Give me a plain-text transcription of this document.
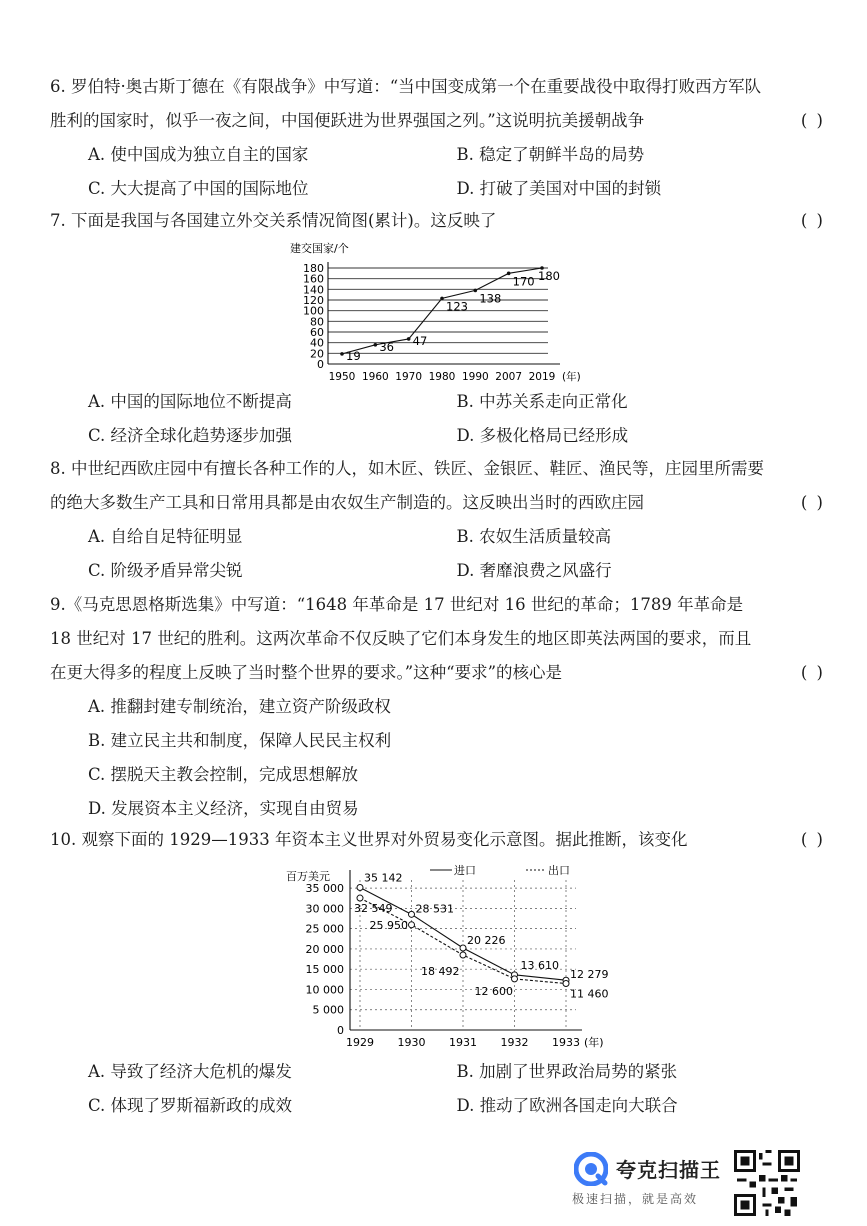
6. 罗伯特·奥古斯丁德在《有限战争》中写道：“当中国变成第一个在重要战役中取得打败西方军队胜利的国家时，似乎一夜之间，中国便跃进为世界强国之列。”这说明抗美援朝战争	( )
A. 使中国成为独立自主的国家	B. 稳定了朝鲜半岛的局势
C. 大大提高了中国的国际地位	D. 打破了美国对中国的封锁
7. 下面是我国与各国建立外交关系情况简图(累计)。这反映了	( )
建交国家/个
0
20
40
60
80
100
120
140
160
180
1950 1960 1970 1980 1990 2007 2019 (年)
19
36 47
123
138
170 180
A. 中国的国际地位不断提高	B. 中苏关系走向正常化
C. 经济全球化趋势逐步加强	D. 多极化格局已经形成
8. 中世纪西欧庄园中有擅长各种工作的人，如木匠、铁匠、金银匠、鞋匠、渔民等，庄园里所需要的绝大多数生产工具和日常用具都是由农奴生产制造的。这反映出当时的西欧庄园	( )
A. 自给自足特征明显	B. 农奴生活质量较高
C. 阶级矛盾异常尖锐	D. 奢靡浪费之风盛行
9.《马克思恩格斯选集》中写道：“1648 年革命是 17 世纪对 16 世纪的革命；1789 年革命是 18 世纪对 17 世纪的胜利。这两次革命不仅反映了它们本身发生的地区即英法两国的要求，而且在更大得多的程度上反映了当时整个世界的要求。”这种“要求”的核心是	( )
A. 推翻封建专制统治，建立资产阶级政权
B. 建立民主共和制度，保障人民民主权利
C. 摆脱天主教会控制，完成思想解放
D. 发展资本主义经济，实现自由贸易
10. 观察下面的 1929—1933 年资本主义世界对外贸易变化示意图。据此推断，该变化	( )
百万美元	进口	出口
0
5 000
10 000
15 000
20 000
25 000
30 000
35 000
1929 1930 1931 1932 1933 (年)
35 142
28 531
20 226
13 610
12 279
32 549
25 950
18 492
12 600	11 460
A. 导致了经济大危机的爆发	B. 加剧了世界政治局势的紧张
C. 体现了罗斯福新政的成效	D. 推动了欧洲各国走向大联合
夸克扫描王
极速扫描，就是高效
